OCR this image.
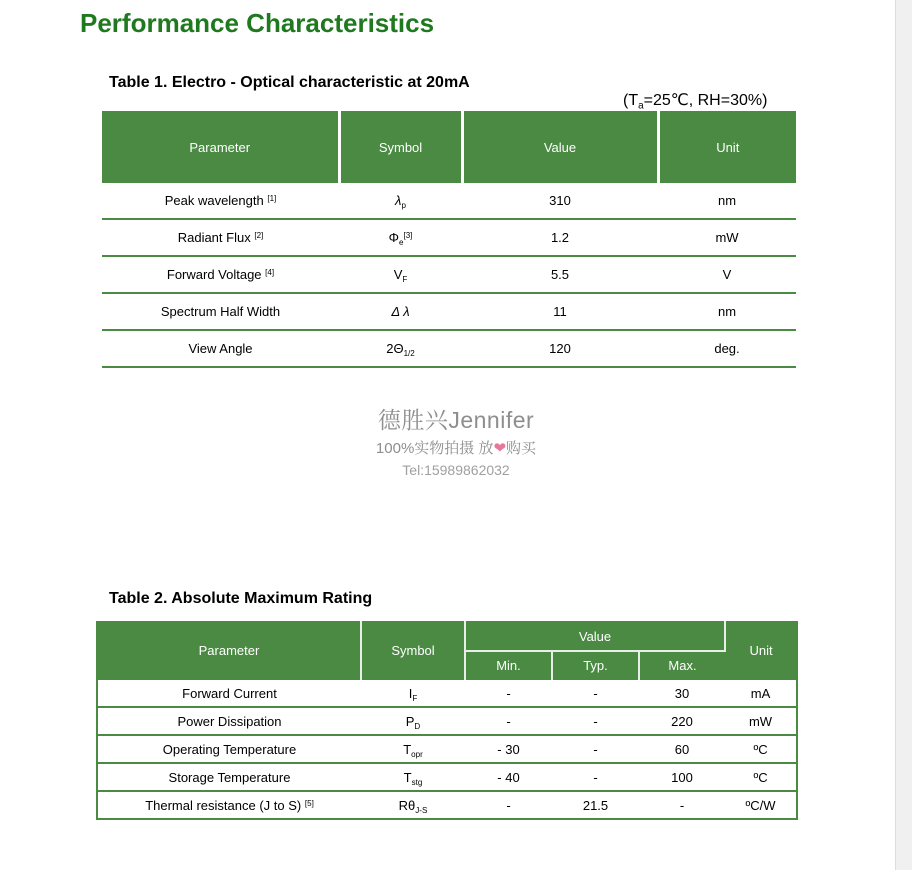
Performance Characteristics
Table 1. Electro - Optical characteristic at 20mA
($T_a=25℃$, RH=30%)
Parameter	Symbol	Value	Unit
Peak wavelength [1]	$\lambda_p$	310	nm
Radiant Flux [2]	$\Phi_e[3]$	1.2	mW
Forward Voltage [4]	$V_F$	5.5	V
Spectrum Half Width	Δ λ	11	nm
View Angle	$2\Theta_{1/2}$	120	deg.
德胜兴Jennifer
100%实物拍摄 放❤购买
Tel:15989862032
Table 2. Absolute Maximum Rating
Parameter	Symbol	Value			Unit
		Min.	Typ.	Max.	
Forward Current	$I_F$	-	-	30	mA
Power Dissipation	$P_D$	-	-	220	mW
Operating Temperature	$T_{opr}$	- 30	-	60	ºC
Storage Temperature	$T_{stg}$	- 40	-	100	ºC
Thermal resistance (J to S) [5]	$R\theta_{J-S}$	-	21.5	-	ºC/W
